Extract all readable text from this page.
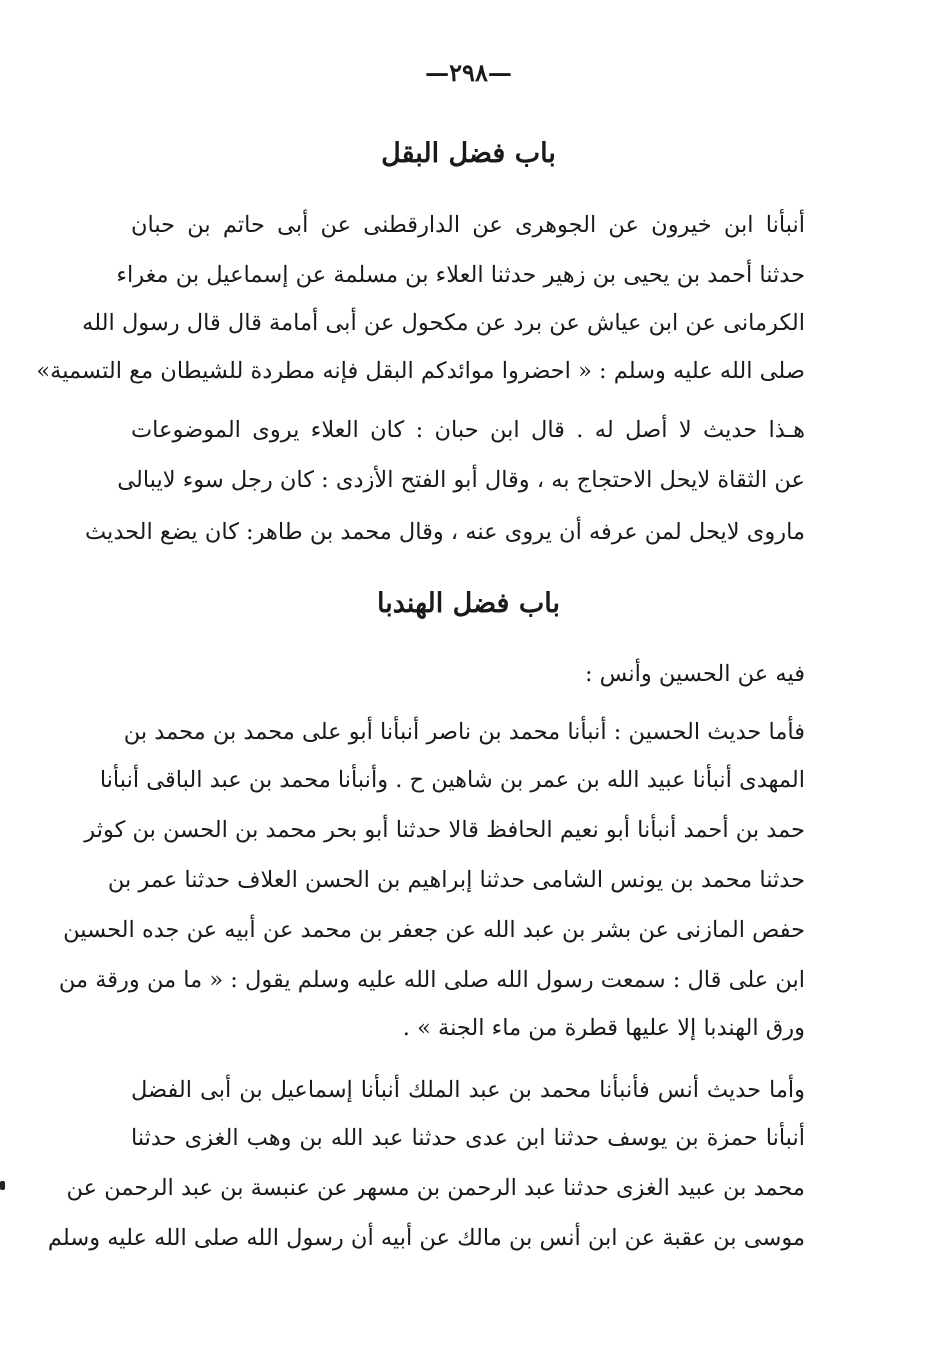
—٢٩٨—
باب فضل البقل
أنبأنا ابن خيرون عن الجوهرى عن الدارقطنى عن أبى حاتم بن حبان
حدثنا أحمد بن يحيى بن زهير حدثنا العلاء بن مسلمة عن إسماعيل بن مغراء
الكرمانى عن ابن عياش عن برد عن مكحول عن أبى أمامة قال قال رسول الله
صلى الله عليه وسلم : « احضروا موائدكم البقل فإنه مطردة للشيطان مع التسمية»
هـذا حديث لا أصل له . قال ابن حبان : كان العلاء يروى الموضوعات
عن الثقاة لايحل الاحتجاج به ، وقال أبو الفتح الأزدى : كان رجل سوء لايبالى
ماروى لايحل لمن عرفه أن يروى عنه ، وقال محمد بن طاهر: كان يضع الحديث
باب فضل الهندبا
فيه عن الحسين وأنس :
فأما حديث الحسين : أنبأنا محمد بن ناصر أنبأنا أبو على محمد بن محمد بن
المهدى أنبأنا عبيد الله بن عمر بن شاهين ح . وأنبأنا محمد بن عبد الباقى أنبأنا
حمد بن أحمد أنبأنا أبو نعيم الحافظ قالا حدثنا أبو بحر محمد بن الحسن بن كوثر
حدثنا محمد بن يونس الشامى حدثنا إبراهيم بن الحسن العلاف حدثنا عمر بن
حفص المازنى عن بشر بن عبد الله عن جعفر بن محمد عن أبيه عن جده الحسين
ابن على قال : سمعت رسول الله صلى الله عليه وسلم يقول : « ما من ورقة من
ورق الهندبا إلا عليها قطرة من ماء الجنة » .
وأما حديث أنس فأنبأنا محمد بن عبد الملك أنبأنا إسماعيل بن أبى الفضل
أنبأنا حمزة بن يوسف حدثنا ابن عدى حدثنا عبد الله بن وهب الغزى حدثنا
محمد بن عبيد الغزى حدثنا عبد الرحمن بن مسهر عن عنبسة بن عبد الرحمن عن
موسى بن عقبة عن ابن أنس بن مالك عن أبيه أن رسول الله صلى الله عليه وسلم
